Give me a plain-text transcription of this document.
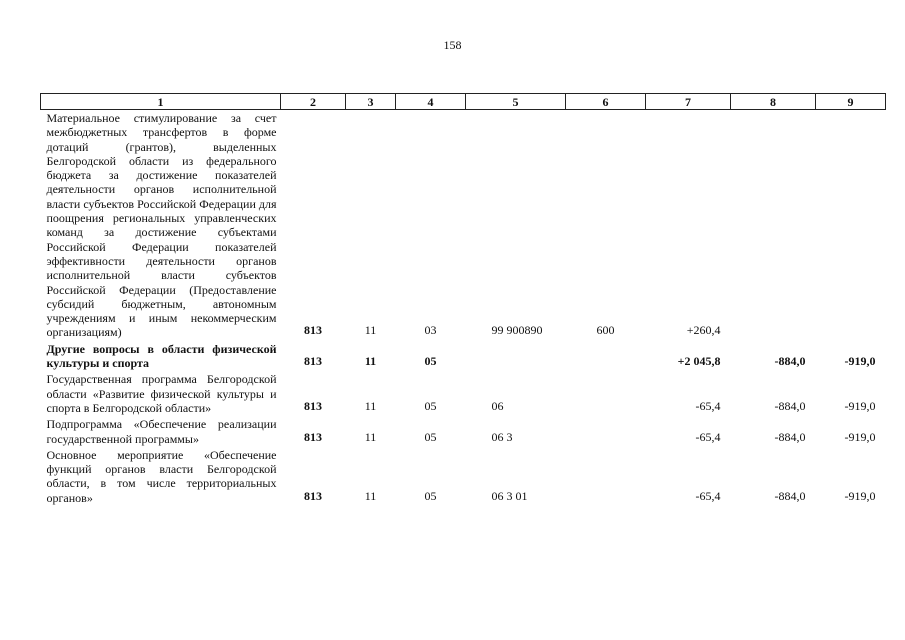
158
1	2	3	4	5	6	7	8	9
Материальное стимулирование за счет межбюджетных трансфертов в форме дотаций (грантов), выделенных Белгородской области из федерального бюджета за достижение показателей деятельности органов исполнительной власти субъектов Российской Федерации для поощрения региональных управленческих команд за достижение субъектами Российской Федерации показателей эффективности деятельности органов исполнительной власти субъектов Российской Федерации (Предоставление субсидий бюджетным, автономным учреждениям и иным некоммерческим организациям)	813	11	03	99 900890	600	+260,4		
Другие вопросы в области физической культуры и спорта	813	11	05			+2 045,8	-884,0	-919,0
Государственная программа Белгородской области «Развитие физической культуры и спорта в Белгородской области»	813	11	05	06		-65,4	-884,0	-919,0
Подпрограмма «Обеспечение реализации государственной программы»	813	11	05	06 3		-65,4	-884,0	-919,0
Основное мероприятие «Обеспечение функций органов власти Белгородской области, в том числе территориальных органов»	813	11	05	06 3 01		-65,4	-884,0	-919,0
